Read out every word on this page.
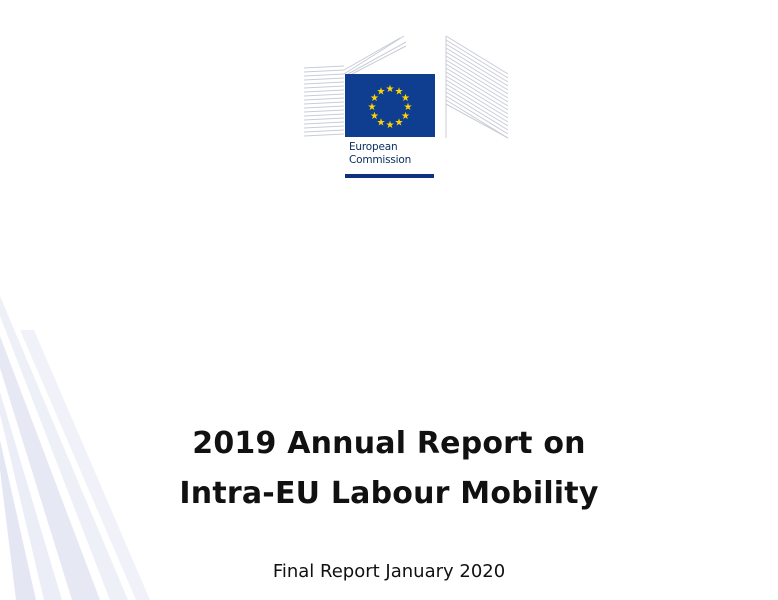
★ ★
★
★
★
★
★
★
★
★
★
★
European
Commission
2019 Annual Report on
Intra-EU Labour Mobility
Final Report January 2020
